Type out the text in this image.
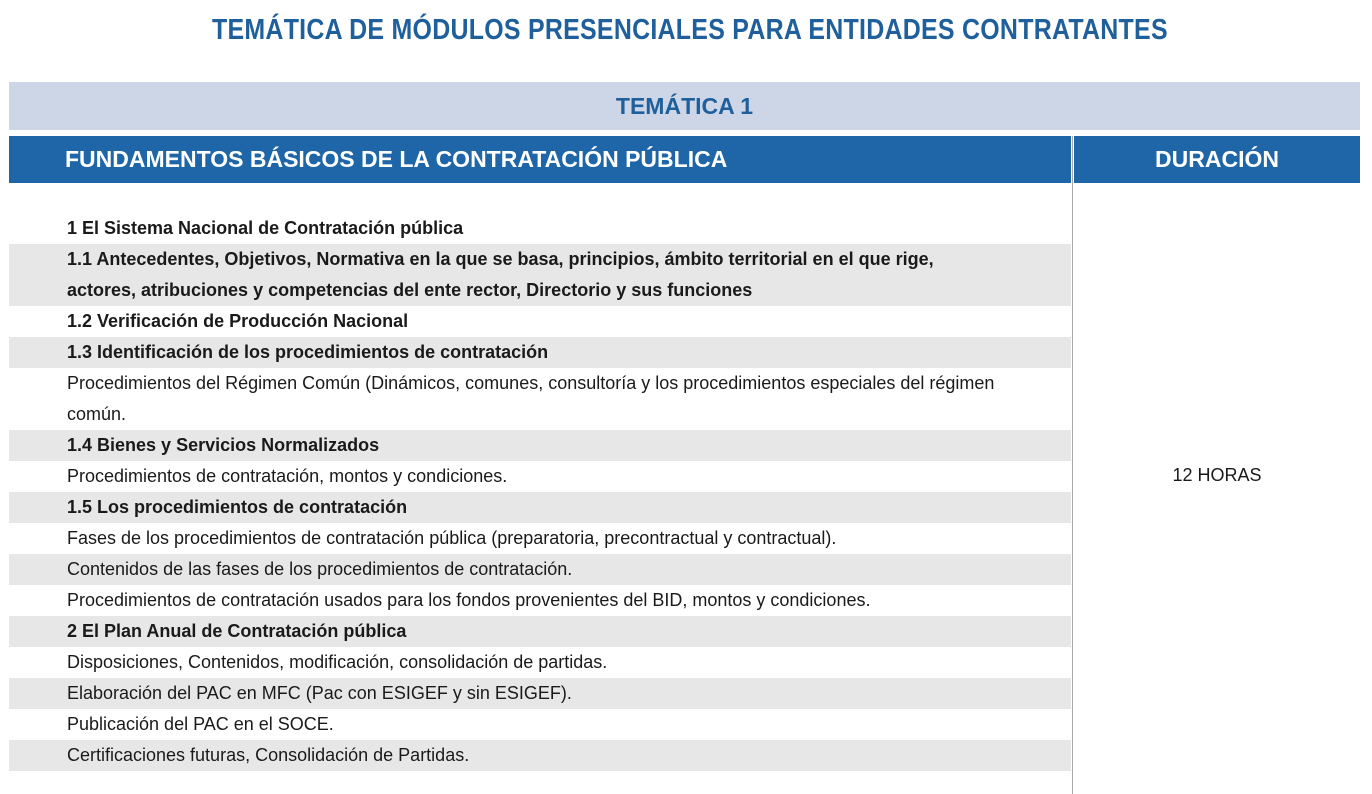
TEMÁTICA DE MÓDULOS PRESENCIALES PARA ENTIDADES CONTRATANTES
TEMÁTICA 1
FUNDAMENTOS BÁSICOS DE LA CONTRATACIÓN PÚBLICA	DURACIÓN
1 El Sistema Nacional de Contratación pública
1.1 Antecedentes, Objetivos, Normativa en la que se basa, principios, ámbito territorial en el que rige, actores, atribuciones y competencias del ente rector, Directorio y sus funciones
1.2 Verificación de Producción Nacional
1.3 Identificación de los procedimientos de contratación
Procedimientos del Régimen Común (Dinámicos, comunes, consultoría y los procedimientos especiales del régimen común.
1.4 Bienes y Servicios Normalizados
Procedimientos de contratación, montos y condiciones.
1.5 Los procedimientos de contratación
Fases de los procedimientos de contratación pública (preparatoria, precontractual y contractual).
Contenidos de las fases de los procedimientos de contratación.
Procedimientos de contratación usados para los fondos provenientes del BID, montos y condiciones.
2 El Plan Anual de Contratación pública
Disposiciones, Contenidos, modificación, consolidación de partidas.
Elaboración del PAC en MFC (Pac con ESIGEF y sin ESIGEF).
Publicación del PAC en el SOCE.
Certificaciones futuras, Consolidación de Partidas.
12 HORAS
